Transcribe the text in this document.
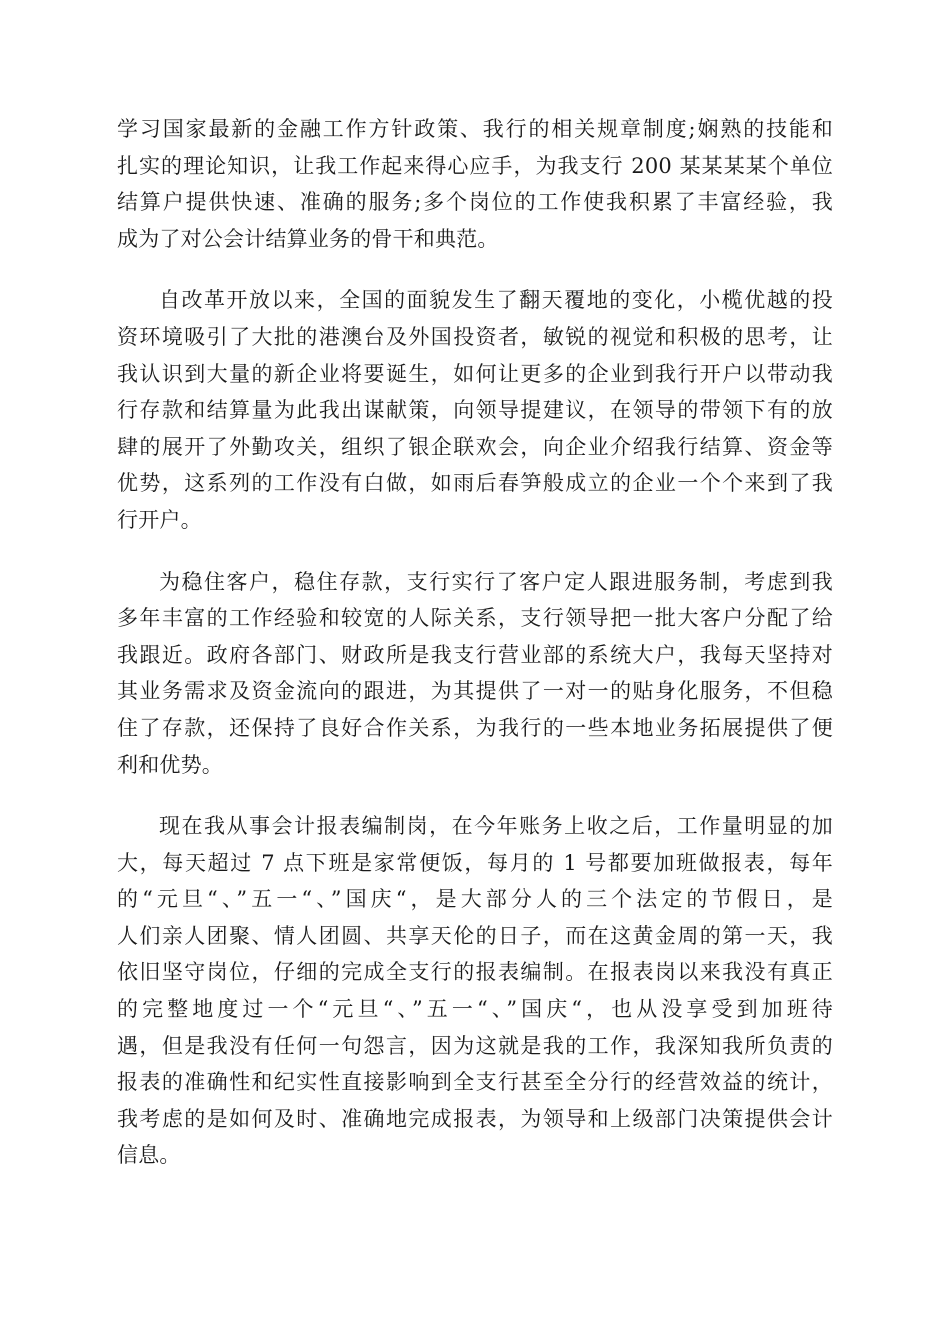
学习国家最新的金融工作方针政策、我行的相关规章制度;娴熟的技能和
扎实的理论知识，让我工作起来得心应手，为我支行 200 某某某某个单位
结算户提供快速、准确的服务;多个岗位的工作使我积累了丰富经验，我
成为了对公会计结算业务的骨干和典范。
自改革开放以来，全国的面貌发生了翻天覆地的变化，小榄优越的投
资环境吸引了大批的港澳台及外国投资者，敏锐的视觉和积极的思考，让
我认识到大量的新企业将要诞生，如何让更多的企业到我行开户以带动我
行存款和结算量为此我出谋献策，向领导提建议，在领导的带领下有的放
肆的展开了外勤攻关，组织了银企联欢会，向企业介绍我行结算、资金等
优势，这系列的工作没有白做，如雨后春笋般成立的企业一个个来到了我
行开户。
为稳住客户，稳住存款，支行实行了客户定人跟进服务制，考虑到我
多年丰富的工作经验和较宽的人际关系，支行领导把一批大客户分配了给
我跟近。政府各部门、财政所是我支行营业部的系统大户，我每天坚持对
其业务需求及资金流向的跟进，为其提供了一对一的贴身化服务，不但稳
住了存款，还保持了良好合作关系，为我行的一些本地业务拓展提供了便
利和优势。
现在我从事会计报表编制岗，在今年账务上收之后，工作量明显的加
大，每天超过 7 点下班是家常便饭，每月的 1 号都要加班做报表，每年
的“元旦“、”五一“、”国庆“，是大部分人的三个法定的节假日，是
人们亲人团聚、情人团圆、共享天伦的日子，而在这黄金周的第一天，我
依旧坚守岗位，仔细的完成全支行的报表编制。在报表岗以来我没有真正
的完整地度过一个“元旦“、”五一“、”国庆“，也从没享受到加班待
遇，但是我没有任何一句怨言，因为这就是我的工作，我深知我所负责的
报表的准确性和纪实性直接影响到全支行甚至全分行的经营效益的统计，
我考虑的是如何及时、准确地完成报表，为领导和上级部门决策提供会计
信息。
